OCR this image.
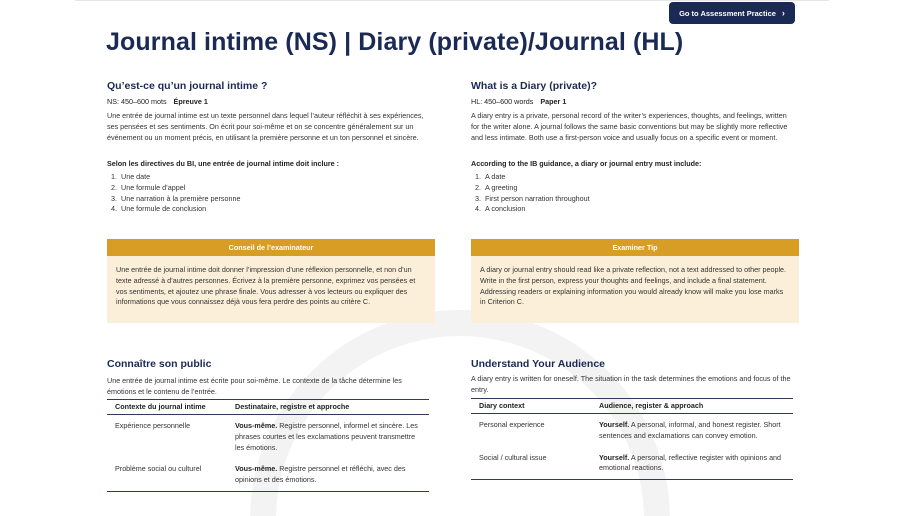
Go to Assessment Practice ›
Journal intime (NS) | Diary (private)/Journal (HL)
Qu’est-ce qu’un journal intime ?
NS: 450–600 mots Épreuve 1
Une entrée de journal intime est un texte personnel dans lequel l’auteur réfléchit à ses expériences, ses pensées et ses sentiments. On écrit pour soi-même et on se concentre généralement sur un événement ou un moment précis, en utilisant la première personne et un ton personnel et sincère.
Selon les directives du BI, une entrée de journal intime doit inclure :
1. Une date
2. Une formule d’appel
3. Une narration à la première personne
4. Une formule de conclusion
Conseil de l’examinateur
Une entrée de journal intime doit donner l’impression d’une réflexion personnelle, et non d’un texte adressé à d’autres personnes. Écrivez à la première personne, exprimez vos pensées et vos sentiments, et ajoutez une phrase finale. Vous adresser à vos lecteurs ou expliquer des informations que vous connaissez déjà vous fera perdre des points au critère C.
Connaître son public
Une entrée de journal intime est écrite pour soi-même. Le contexte de la tâche détermine les émotions et le contenu de l’entrée.
Contexte du journal intime	Destinataire, registre et approche
Expérience personnelle	Vous-même. Registre personnel, informel et sincère. Les phrases courtes et les exclamations peuvent transmettre les émotions.
Problème social ou culturel	Vous-même. Registre personnel et réfléchi, avec des opinions et des émotions.
What is a Diary (private)?
HL: 450–600 words Paper 1
A diary entry is a private, personal record of the writer’s experiences, thoughts, and feelings, written for the writer alone. A journal follows the same basic conventions but may be slightly more reflective and less intimate. Both use a first-person voice and usually focus on a specific event or moment.
According to the IB guidance, a diary or journal entry must include:
1. A date
2. A greeting
3. First person narration throughout
4. A conclusion
Examiner Tip
A diary or journal entry should read like a private reflection, not a text addressed to other people. Write in the first person, express your thoughts and feelings, and include a final statement. Addressing readers or explaining information you would already know will make you lose marks in Criterion C.
Understand Your Audience
A diary entry is written for oneself. The situation in the task determines the emotions and focus of the entry.
Diary context	Audience, register & approach
Personal experience	Yourself. A personal, informal, and honest register. Short sentences and exclamations can convey emotion.
Social / cultural issue	Yourself. A personal, reflective register with opinions and emotional reactions.
